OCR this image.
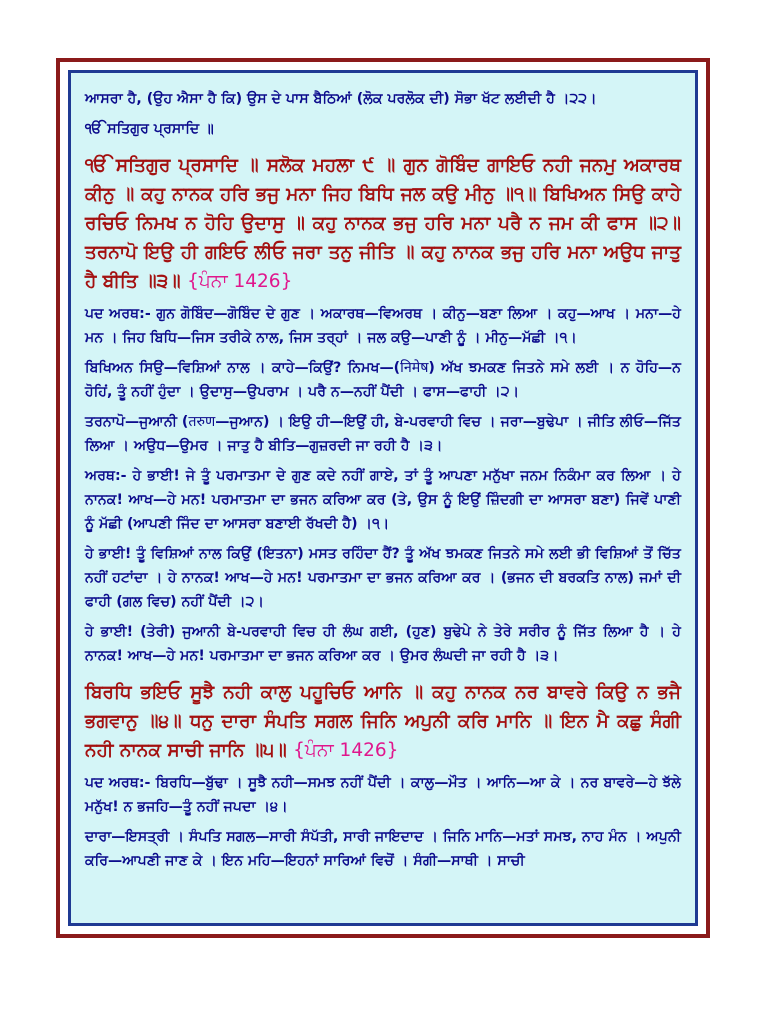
ਆਸਰਾ ਹੈ, (ਉਹ ਐਸਾ ਹੈ ਕਿ) ਉਸ ਦੇ ਪਾਸ ਬੈਠਿਆਂ (ਲੋਕ ਪਰਲੋਕ ਦੀ) ਸੋਭਾ ਖੱਟ ਲਈਦੀ ਹੈ ।੨੨।

ੴ ਸਤਿਗੁਰ ਪ੍ਰਸਾਦਿ ॥

ੴ ਸਤਿਗੁਰ ਪ੍ਰਸਾਦਿ ॥ ਸਲੋਕ ਮਹਲਾ ੯ ॥ ਗੁਨ ਗੋਬਿੰਦ ਗਾਇਓ ਨਹੀ ਜਨਮੁ ਅਕਾਰਥ ਕੀਨੁ ॥ ਕਹੁ ਨਾਨਕ ਹਰਿ ਭਜੁ ਮਨਾ ਜਿਹ ਬਿਧਿ ਜਲ ਕਉ ਮੀਨੁ ॥੧॥ ਬਿਖਿਅਨ ਸਿਉ ਕਾਹੇ ਰਚਿਓ ਨਿਮਖ ਨ ਹੋਹਿ ਉਦਾਸੁ ॥ ਕਹੁ ਨਾਨਕ ਭਜੁ ਹਰਿ ਮਨਾ ਪਰੈ ਨ ਜਮ ਕੀ ਫਾਸ ॥੨॥ ਤਰਨਾਪੋ ਇਉ ਹੀ ਗਇਓ ਲੀਓ ਜਰਾ ਤਨੁ ਜੀਤਿ ॥ ਕਹੁ ਨਾਨਕ ਭਜੁ ਹਰਿ ਮਨਾ ਅਉਧ ਜਾਤੁ ਹੈ ਬੀਤਿ ॥੩॥ {ਪੰਨਾ 1426}

ਪਦ ਅਰਥ:- ਗੁਨ ਗੋਬਿੰਦ—ਗੋਬਿੰਦ ਦੇ ਗੁਣ । ਅਕਾਰਥ—ਵਿਅਰਥ । ਕੀਨੁ—ਬਣਾ ਲਿਆ । ਕਹੁ—ਆਖ । ਮਨਾ—ਹੇ ਮਨ । ਜਿਹ ਬਿਧਿ—ਜਿਸ ਤਰੀਕੇ ਨਾਲ, ਜਿਸ ਤਰ੍ਹਾਂ । ਜਲ ਕਉ—ਪਾਣੀ ਨੂੰ । ਮੀਨੁ—ਮੱਛੀ ।੧।

ਬਿਖਿਅਨ ਸਿਉ—ਵਿਸ਼ਿਆਂ ਨਾਲ । ਕਾਹੇ—ਕਿਉਂ? ਨਿਮਖ—(निमेष) ਅੱਖ ਝਮਕਣ ਜਿਤਨੇ ਸਮੇ ਲਈ । ਨ ਹੋਹਿ—ਨ ਹੋਹਿਂ, ਤੂੰ ਨਹੀਂ ਹੁੰਦਾ । ਉਦਾਸੁ—ਉਪਰਾਮ । ਪਰੈ ਨ—ਨਹੀਂ ਪੈਂਦੀ । ਫਾਸ—ਫਾਹੀ ।੨।

ਤਰਨਾਪੋ—ਜੁਆਨੀ (तरुण—ਜੁਆਨ) । ਇਉ ਹੀ—ਇਉਂ ਹੀ, ਬੇ-ਪਰਵਾਹੀ ਵਿਚ । ਜਰਾ—ਬੁਢੇਪਾ । ਜੀਤਿ ਲੀਓ—ਜਿੱਤ ਲਿਆ । ਅਉਧ—ਉਮਰ । ਜਾਤੁ ਹੈ ਬੀਤਿ—ਗੁਜ਼ਰਦੀ ਜਾ ਰਹੀ ਹੈ ।੩।

ਅਰਥ:- ਹੇ ਭਾਈ! ਜੇ ਤੂੰ ਪਰਮਾਤਮਾ ਦੇ ਗੁਣ ਕਦੇ ਨਹੀਂ ਗਾਏ, ਤਾਂ ਤੂੰ ਆਪਣਾ ਮਨੁੱਖਾ ਜਨਮ ਨਿਕੰਮਾ ਕਰ ਲਿਆ । ਹੇ ਨਾਨਕ! ਆਖ—ਹੇ ਮਨ! ਪਰਮਾਤਮਾ ਦਾ ਭਜਨ ਕਰਿਆ ਕਰ (ਤੇ, ਉਸ ਨੂੰ ਇਉਂ ਜ਼ਿੰਦਗੀ ਦਾ ਆਸਰਾ ਬਣਾ) ਜਿਵੇਂ ਪਾਣੀ ਨੂੰ ਮੱਛੀ (ਆਪਣੀ ਜਿੰਦ ਦਾ ਆਸਰਾ ਬਣਾਈ ਰੱਖਦੀ ਹੈ) ।੧।

ਹੇ ਭਾਈ! ਤੂੰ ਵਿਸ਼ਿਆਂ ਨਾਲ ਕਿਉਂ (ਇਤਨਾ) ਮਸਤ ਰਹਿੰਦਾ ਹੈਂ? ਤੂੰ ਅੱਖ ਝਮਕਣ ਜਿਤਨੇ ਸਮੇ ਲਈ ਭੀ ਵਿਸ਼ਿਆਂ ਤੋਂ ਚਿੱਤ ਨਹੀਂ ਹਟਾਂਦਾ । ਹੇ ਨਾਨਕ! ਆਖ—ਹੇ ਮਨ! ਪਰਮਾਤਮਾ ਦਾ ਭਜਨ ਕਰਿਆ ਕਰ । (ਭਜਨ ਦੀ ਬਰਕਤਿ ਨਾਲ) ਜਮਾਂ ਦੀ ਫਾਹੀ (ਗਲ ਵਿਚ) ਨਹੀਂ ਪੈਂਦੀ ।੨।

ਹੇ ਭਾਈ! (ਤੇਰੀ) ਜੁਆਨੀ ਬੇ-ਪਰਵਾਹੀ ਵਿਚ ਹੀ ਲੰਘ ਗਈ, (ਹੁਣ) ਬੁਢੇਪੇ ਨੇ ਤੇਰੇ ਸਰੀਰ ਨੂੰ ਜਿੱਤ ਲਿਆ ਹੈ । ਹੇ ਨਾਨਕ! ਆਖ—ਹੇ ਮਨ! ਪਰਮਾਤਮਾ ਦਾ ਭਜਨ ਕਰਿਆ ਕਰ । ਉਮਰ ਲੰਘਦੀ ਜਾ ਰਹੀ ਹੈ ।੩।

ਬਿਰਧਿ ਭਇਓ ਸੂਝੈ ਨਹੀ ਕਾਲੁ ਪਹੂਚਿਓ ਆਨਿ ॥ ਕਹੁ ਨਾਨਕ ਨਰ ਬਾਵਰੇ ਕਿਉ ਨ ਭਜੈ ਭਗਵਾਨੁ ॥੪॥ ਧਨੁ ਦਾਰਾ ਸੰਪਤਿ ਸਗਲ ਜਿਨਿ ਅਪੁਨੀ ਕਰਿ ਮਾਨਿ ॥ ਇਨ ਮੈ ਕਛੁ ਸੰਗੀ ਨਹੀ ਨਾਨਕ ਸਾਚੀ ਜਾਨਿ ॥੫॥ {ਪੰਨਾ 1426}

ਪਦ ਅਰਥ:- ਬਿਰਧਿ—ਬੁੱਢਾ । ਸੂਝੈ ਨਹੀ—ਸਮਝ ਨਹੀਂ ਪੈਂਦੀ । ਕਾਲੁ—ਮੌਤ । ਆਨਿ—ਆ ਕੇ । ਨਰ ਬਾਵਰੇ—ਹੇ ਝੱਲੇ ਮਨੁੱਖ! ਨ ਭਜਹਿ—ਤੂੰ ਨਹੀਂ ਜਪਦਾ ।੪।

ਦਾਰਾ—ਇਸਤ੍ਰੀ । ਸੰਪਤਿ ਸਗਲ—ਸਾਰੀ ਸੰਪੱਤੀ, ਸਾਰੀ ਜਾਇਦਾਦ । ਜਿਨਿ ਮਾਨਿ—ਮਤਾਂ ਸਮਝ, ਨਾਹ ਮੰਨ । ਅਪੁਨੀ ਕਰਿ—ਆਪਣੀ ਜਾਣ ਕੇ । ਇਨ ਮਹਿ—ਇਹਨਾਂ ਸਾਰਿਆਂ ਵਿਚੋਂ । ਸੰਗੀ—ਸਾਥੀ । ਸਾਚੀ
